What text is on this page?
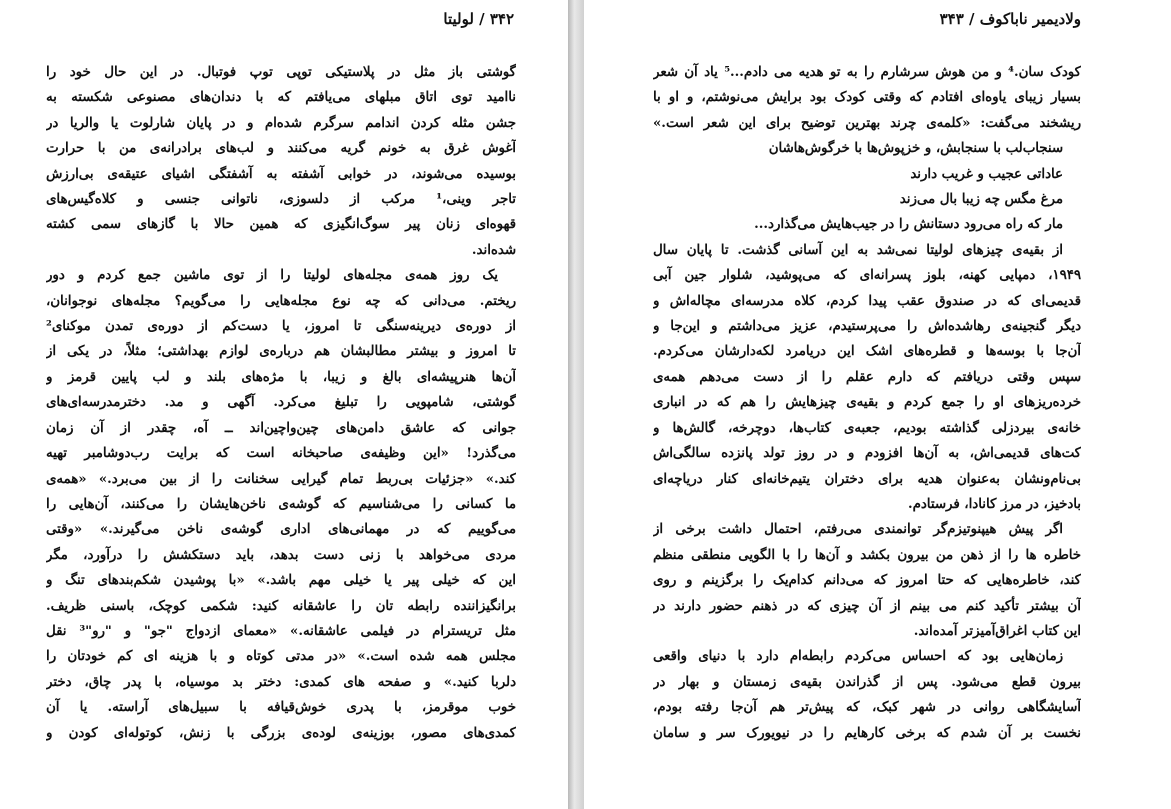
۳۴۲ / لولیتا
گوشتی باز مثل در پلاستیکی توپی توپ فوتبال. در این حال خود را
ناامید توی اتاق مبلهای می‌یافتم که با دندان‌های مصنوعی شکسته به
جشن مثله کردن اندامم سرگرم شده‌ام و در پایان شارلوت یا والریا در
آغوش غرق به خونم گریه می‌کنند و لب‌های برادرانه‌ی من با حرارت
بوسیده می‌شوند، در خوابی آشفته به آشفتگی اشیای عتیقه‌ی بی‌ارزش
تاجر وینی،¹ مرکب از دلسوزی، ناتوانی جنسی و کلاه‌گیس‌های
قهوه‌ای زنان پیر سوگ‌انگیزی که همین حالا با گازهای سمی کشته
شده‌اند.
یک روز همه‌ی مجله‌های لولیتا را از توی ماشین جمع کردم و دور
ریختم. می‌دانی که چه نوع مجله‌هایی را می‌گویم؟ مجله‌های نوجوانان،
از دوره‌ی دیرینه‌سنگی تا امروز، یا دست‌کم از دوره‌ی تمدن موکنای²
تا امروز و بیشتر مطالبشان هم درباره‌ی لوازم بهداشتی؛ مثلاً، در یکی از
آن‌ها هنرپیشه‌ای بالغ و زیبا، با مژه‌های بلند و لب پایین قرمز و
گوشتی، شامپویی را تبلیغ می‌کرد. آگهی و مد. دخترمدرسه‌ای‌های
جوانی که عاشق دامن‌های چین‌واچین‌اند ــ آه، چقدر از آن زمان
می‌گذرد! «این وظیفه‌ی صاحبخانه است که برایت رب‌دوشامبر تهیه
کند.» «جزئیات بی‌ربط تمام گیرایی سخنانت را از بین می‌برد.» «همه‌ی
ما کسانی را می‌شناسیم که گوشه‌ی ناخن‌هایشان را می‌کنند، آن‌هایی را
می‌گوییم که در مهمانی‌های اداری گوشه‌ی ناخن می‌گیرند.» «وقتی
مردی می‌خواهد با زنی دست بدهد، باید دستکشش را درآورد، مگر
این که خیلی پیر یا خیلی مهم باشد.» «با پوشیدن شکم‌بندهای تنگ و
برانگیزاننده رابطه تان را عاشقانه کنید: شکمی کوچک، باسنی ظریف.
مثل تریسترام در فیلمی عاشقانه.» «معمای ازدواج "جو" و "رو"³ نقل
مجلس همه شده است.» «در مدتی کوتاه و با هزینه ای کم خودتان را
دلربا کنید.» و صفحه های کمدی: دختر بد موسیاه، با پدر چاق، دختر
خوب موقرمز، با پدری خوش‌قیافه با سبیل‌های آراسته. یا آن
کمدی‌های مصور، بوزینه‌ی لوده‌ی بزرگی با زنش، کوتوله‌ای کودن و
ولادیمیر ناباکوف / ۳۴۳
کودک سان.⁴ و من هوش سرشارم را به تو هدیه می دادم...⁵ یاد آن شعر
بسیار زیبای یاوه‌ای افتادم که وقتی کودک بود برایش می‌نوشتم، و او با
ریشخند می‌گفت: «کلمه‌ی چرند بهترین توضیح برای این شعر است.»
سنجاب‌لب با سنجابش، و خزپوش‌ها با خرگوش‌هاشان
عاداتی عجیب و غریب دارند
مرغ مگس چه زیبا بال می‌زند
مار که راه می‌رود دستانش را در جیب‌هایش می‌گذارد...
از بقیه‌ی چیزهای لولیتا نمی‌شد به این آسانی گذشت. تا پایان سال
۱۹۴۹، دمپایی کهنه، بلوز پسرانه‌ای که می‌پوشید، شلوار جین آبی
قدیمی‌ای که در صندوق عقب پیدا کردم، کلاه مدرسه‌ای مچاله‌اش و
دیگر گنجینه‌ی رهاشده‌اش را می‌پرستیدم، عزیز می‌داشتم و این‌جا و
آن‌جا با بوسه‌ها و قطره‌های اشک این دریامرد لکه‌دارشان می‌کردم.
سپس وقتی دریافتم که دارم عقلم را از دست می‌دهم همه‌ی
خرده‌ریزهای او را جمع کردم و بقیه‌ی چیزهایش را هم که در انباری
خانه‌ی بیردزلی گذاشته بودیم، جعبه‌ی کتاب‌ها، دوچرخه، گالش‌ها و
کت‌های قدیمی‌اش، به آن‌ها افزودم و در روز تولد پانزده سالگی‌اش
بی‌نام‌ونشان به‌عنوان هدیه برای دختران یتیم‌خانه‌ای کنار دریاچه‌ای
بادخیز، در مرز کانادا، فرستادم.
اگر پیش هیپنوتیزم‌گر توانمندی می‌رفتم، احتمال داشت برخی از
خاطره ها را از ذهن من بیرون بکشد و آن‌ها را با الگویی منطقی منظم
کند، خاطره‌هایی که حتا امروز که می‌دانم کدام‌یک را برگزینم و روی
آن بیشتر تأکید کنم می بینم از آن چیزی که در ذهنم حضور دارند در
این کتاب اغراق‌آمیزتر آمده‌اند.
زمان‌هایی بود که احساس می‌کردم رابطه‌ام دارد با دنیای واقعی
بیرون قطع می‌شود. پس از گذراندن بقیه‌ی زمستان و بهار در
آسایشگاهی روانی در شهر کبک، که پیش‌تر هم آن‌جا رفته بودم،
نخست بر آن شدم که برخی کارهایم را در نیویورک سر و سامان
